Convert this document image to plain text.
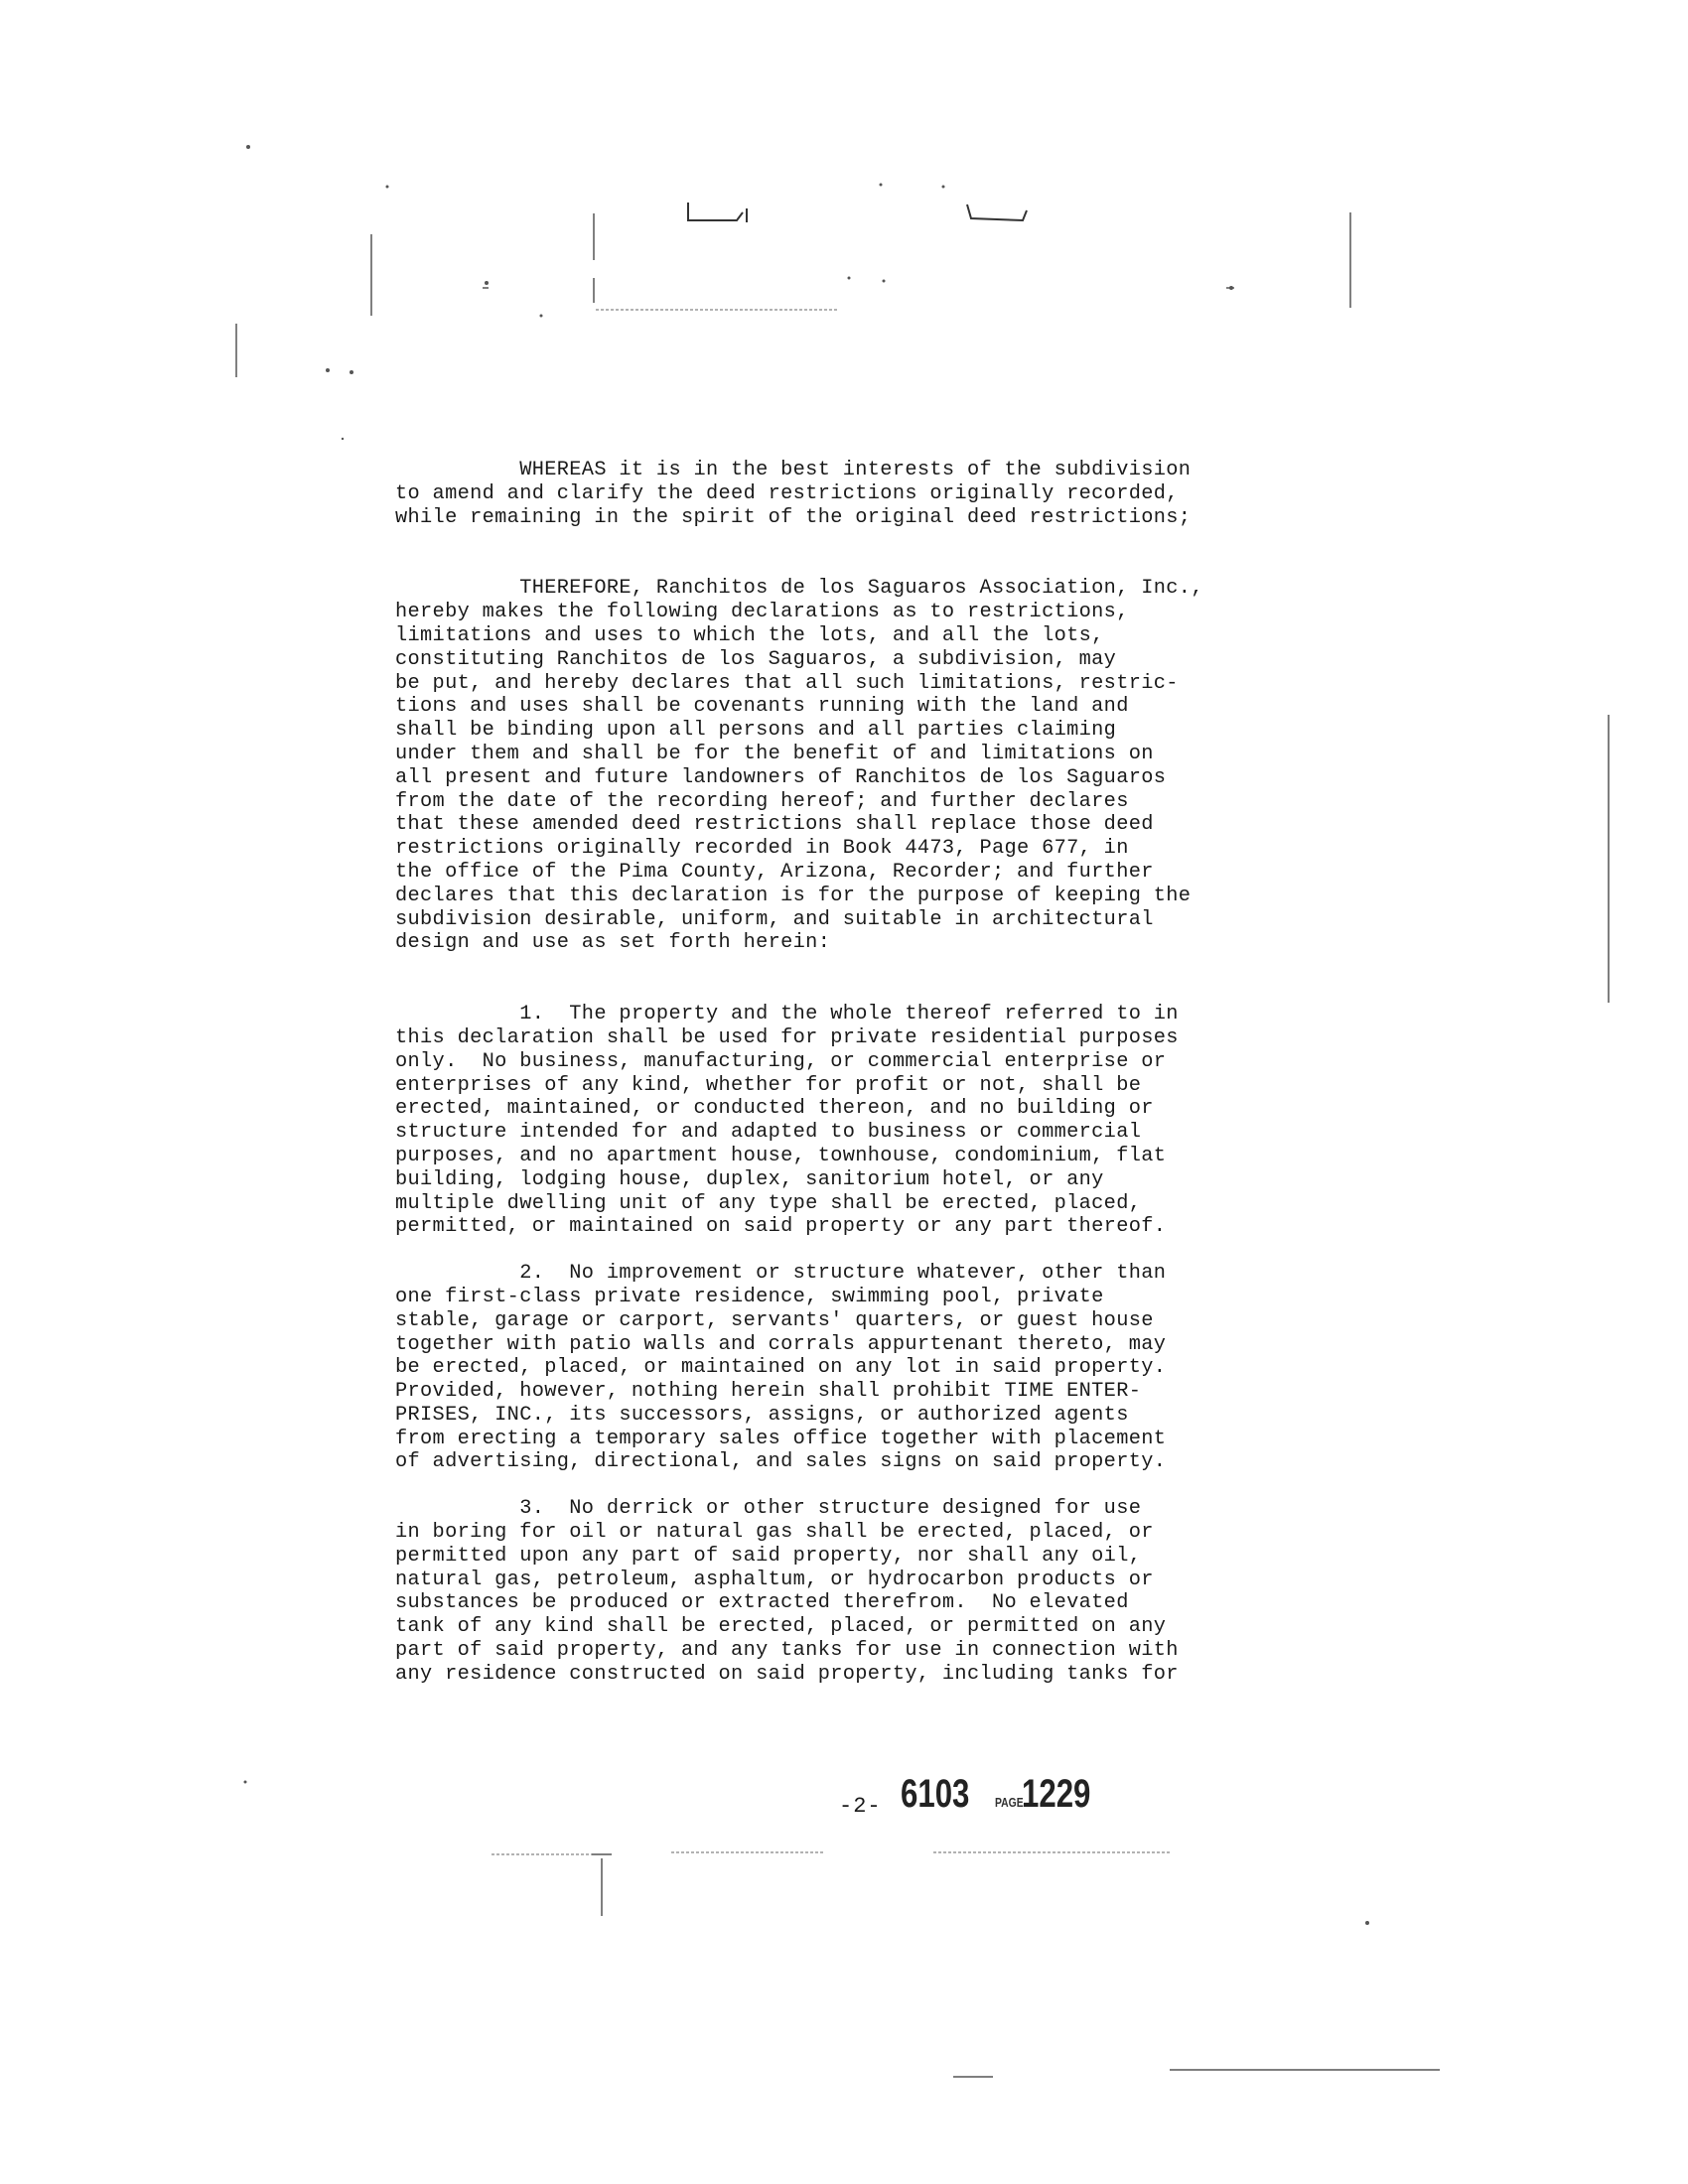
WHEREAS it is in the best interests of the subdivision
to amend and clarify the deed restrictions originally recorded,
while remaining in the spirit of the original deed restrictions;
THEREFORE, Ranchitos de los Saguaros Association, Inc.,
hereby makes the following declarations as to restrictions,
limitations and uses to which the lots, and all the lots,
constituting Ranchitos de los Saguaros, a subdivision, may
be put, and hereby declares that all such limitations, restric-
tions and uses shall be covenants running with the land and
shall be binding upon all persons and all parties claiming
under them and shall be for the benefit of and limitations on
all present and future landowners of Ranchitos de los Saguaros
from the date of the recording hereof; and further declares
that these amended deed restrictions shall replace those deed
restrictions originally recorded in Book 4473, Page 677, in
the office of the Pima County, Arizona, Recorder; and further
declares that this declaration is for the purpose of keeping the
subdivision desirable, uniform, and suitable in architectural
design and use as set forth herein:
1.  The property and the whole thereof referred to in
this declaration shall be used for private residential purposes
only.  No business, manufacturing, or commercial enterprise or
enterprises of any kind, whether for profit or not, shall be
erected, maintained, or conducted thereon, and no building or
structure intended for and adapted to business or commercial
purposes, and no apartment house, townhouse, condominium, flat
building, lodging house, duplex, sanitorium hotel, or any
multiple dwelling unit of any type shall be erected, placed,
permitted, or maintained on said property or any part thereof.
2.  No improvement or structure whatever, other than
one first-class private residence, swimming pool, private
stable, garage or carport, servants' quarters, or guest house
together with patio walls and corrals appurtenant thereto, may
be erected, placed, or maintained on any lot in said property.
Provided, however, nothing herein shall prohibit TIME ENTER-
PRISES, INC., its successors, assigns, or authorized agents
from erecting a temporary sales office together with placement
of advertising, directional, and sales signs on said property.
3.  No derrick or other structure designed for use
in boring for oil or natural gas shall be erected, placed, or
permitted upon any part of said property, nor shall any oil,
natural gas, petroleum, asphaltum, or hydrocarbon products or
substances be produced or extracted therefrom.  No elevated
tank of any kind shall be erected, placed, or permitted on any
part of said property, and any tanks for use in connection with
any residence constructed on said property, including tanks for
-2- 6103 PAGE
1229
